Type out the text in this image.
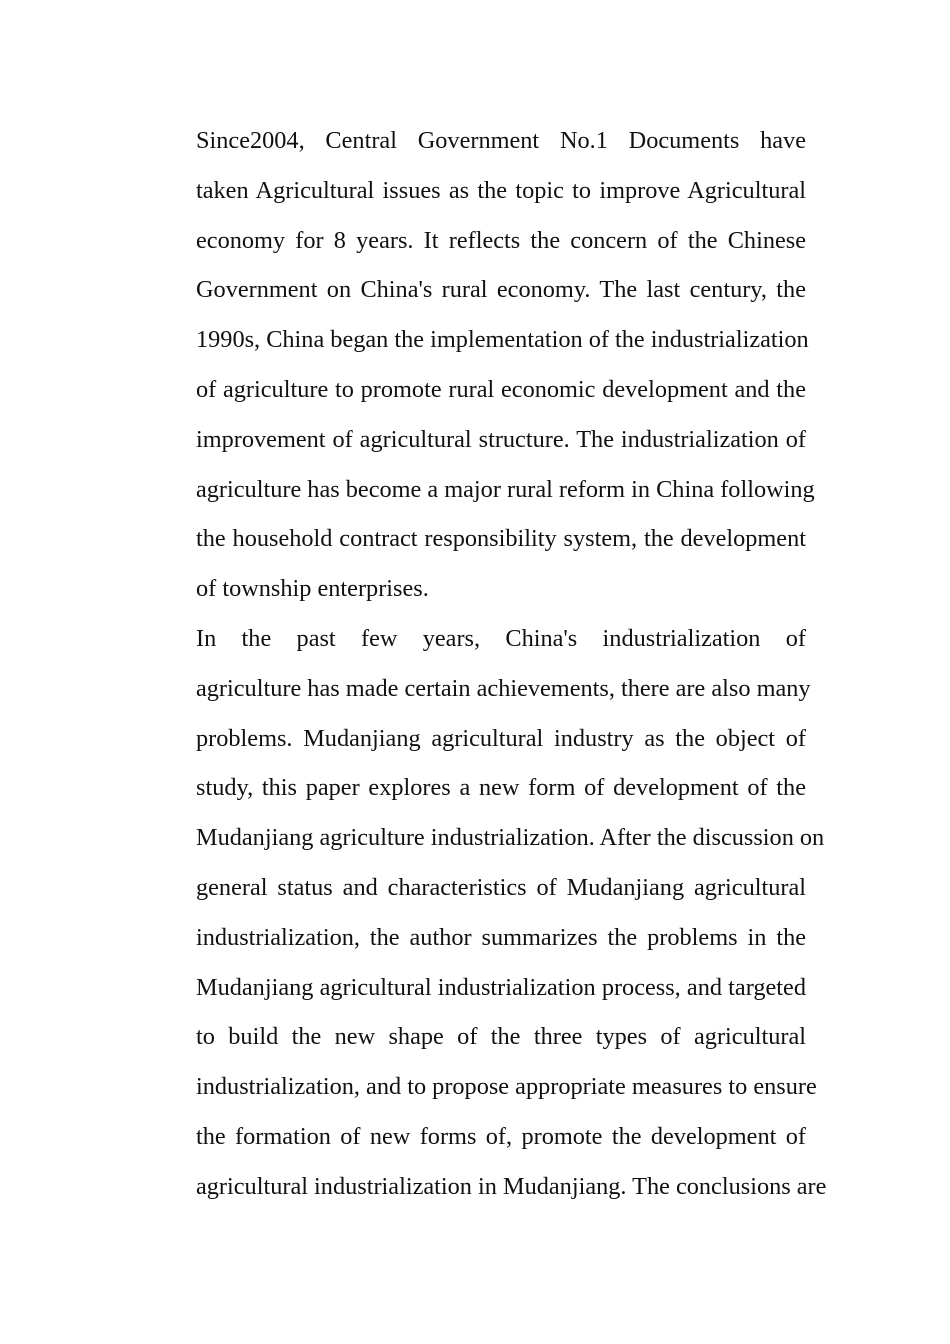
Since2004, Central Government No.1 Documents have
taken Agricultural issues as the topic to improve Agricultural
economy for 8 years. It reflects the concern of the Chinese
Government on China's rural economy. The last century, the
1990s, China began the implementation of the industrialization
of agriculture to promote rural economic development and the
improvement of agricultural structure. The industrialization of
agriculture has become a major rural reform in China following
the household contract responsibility system, the development
of township enterprises.
In the past few years, China's industrialization of
agriculture has made certain achievements, there are also many
problems. Mudanjiang agricultural industry as the object of
study, this paper explores a new form of development of the
Mudanjiang agriculture industrialization. After the discussion on
general status and characteristics of Mudanjiang agricultural
industrialization, the author summarizes the problems in the
Mudanjiang agricultural industrialization process, and targeted
to build the new shape of the three types of agricultural
industrialization, and to propose appropriate measures to ensure
the formation of new forms of, promote the development of
agricultural industrialization in Mudanjiang. The conclusions are
